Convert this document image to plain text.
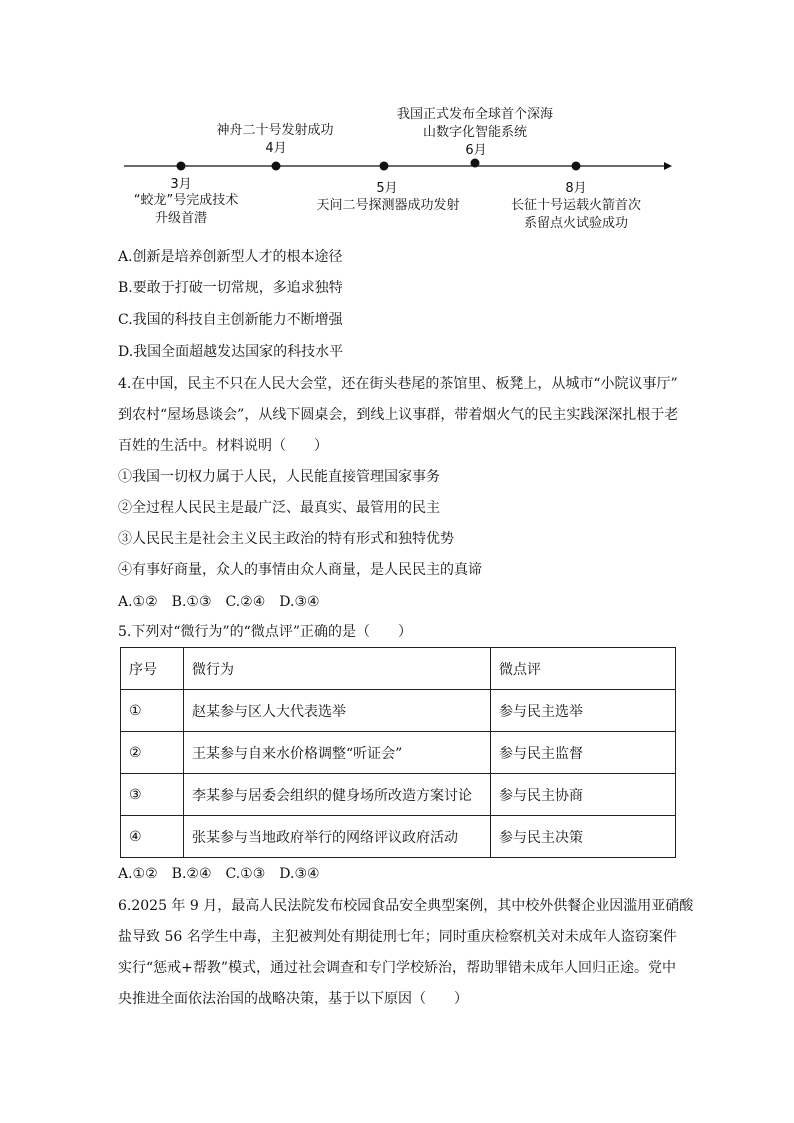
3月
“蛟龙”号完成技术
升级首潜
神舟二十号发射成功
4月
5月
天问二号探测器成功发射
我国正式发布全球首个深海
山数字化智能系统
6月
8月
长征十号运载火箭首次
系留点火试验成功
A.创新是培养创新型人才的根本途径
B.要敢于打破一切常规，多追求独特
C.我国的科技自主创新能力不断增强
D.我国全面超越发达国家的科技水平
4.在中国，民主不只在人民大会堂，还在街头巷尾的茶馆里、板凳上，从城市“小院议事厅”
到农村“屋场恳谈会”，从线下圆桌会，到线上议事群，带着烟火气的民主实践深深扎根于老
百姓的生活中。材料说明（　　）
①我国一切权力属于人民，人民能直接管理国家事务
②全过程人民民主是最广泛、最真实、最管用的民主
③人民民主是社会主义民主政治的特有形式和独特优势
④有事好商量，众人的事情由众人商量，是人民民主的真谛
A.①②　B.①③　C.②④　D.③④
5.下列对“微行为”的“微点评”正确的是（　　）
序号	微行为	微点评
①	赵某参与区人大代表选举	参与民主选举
②	王某参与自来水价格调整“听证会”	参与民主监督
③	李某参与居委会组织的健身场所改造方案讨论	参与民主协商
④	张某参与当地政府举行的网络评议政府活动	参与民主决策
A.①②　B.②④　C.①③　D.③④
6.2025 年 9 月，最高人民法院发布校园食品安全典型案例，其中校外供餐企业因滥用亚硝酸
盐导致 56 名学生中毒，主犯被判处有期徒刑七年；同时重庆检察机关对未成年人盗窃案件
实行“惩戒+帮教”模式，通过社会调查和专门学校矫治，帮助罪错未成年人回归正途。党中
央推进全面依法治国的战略决策，基于以下原因（　　）
